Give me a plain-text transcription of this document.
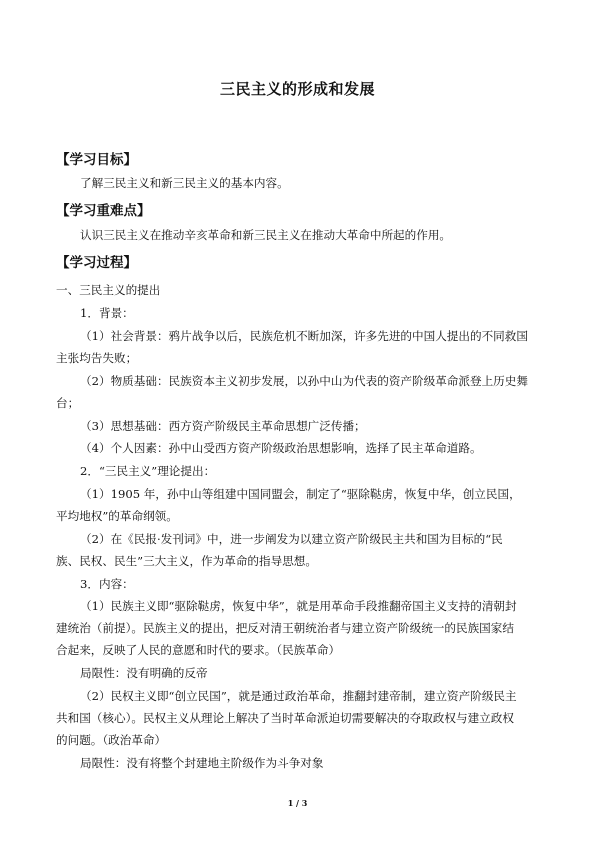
三民主义的形成和发展
【学习目标】
了解三民主义和新三民主义的基本内容。
【学习重难点】
认识三民主义在推动辛亥革命和新三民主义在推动大革命中所起的作用。
【学习过程】
一、三民主义的提出
1．背景：
（1）社会背景：鸦片战争以后，民族危机不断加深，许多先进的中国人提出的不同救国
主张均告失败；
（2）物质基础：民族资本主义初步发展，以孙中山为代表的资产阶级革命派登上历史舞
台；
（3）思想基础：西方资产阶级民主革命思想广泛传播；
（4）个人因素：孙中山受西方资产阶级政治思想影响，选择了民主革命道路。
2．“三民主义”理论提出：
（1）1905 年，孙中山等组建中国同盟会，制定了“驱除鞑虏，恢复中华，创立民国，
平均地权”的革命纲领。
（2）在《民报·发刊词》中，进一步阐发为以建立资产阶级民主共和国为目标的“民
族、民权、民生”三大主义，作为革命的指导思想。
3．内容：
（1）民族主义即“驱除鞑虏，恢复中华”，就是用革命手段推翻帝国主义支持的清朝封
建统治（前提）。民族主义的提出，把反对清王朝统治者与建立资产阶级统一的民族国家结
合起来，反映了人民的意愿和时代的要求。（民族革命）
局限性：没有明确的反帝
（2）民权主义即“创立民国”，就是通过政治革命，推翻封建帝制，建立资产阶级民主
共和国（核心）。民权主义从理论上解决了当时革命派迫切需要解决的夺取政权与建立政权
的问题。（政治革命）
局限性：没有将整个封建地主阶级作为斗争对象
1 / 3
